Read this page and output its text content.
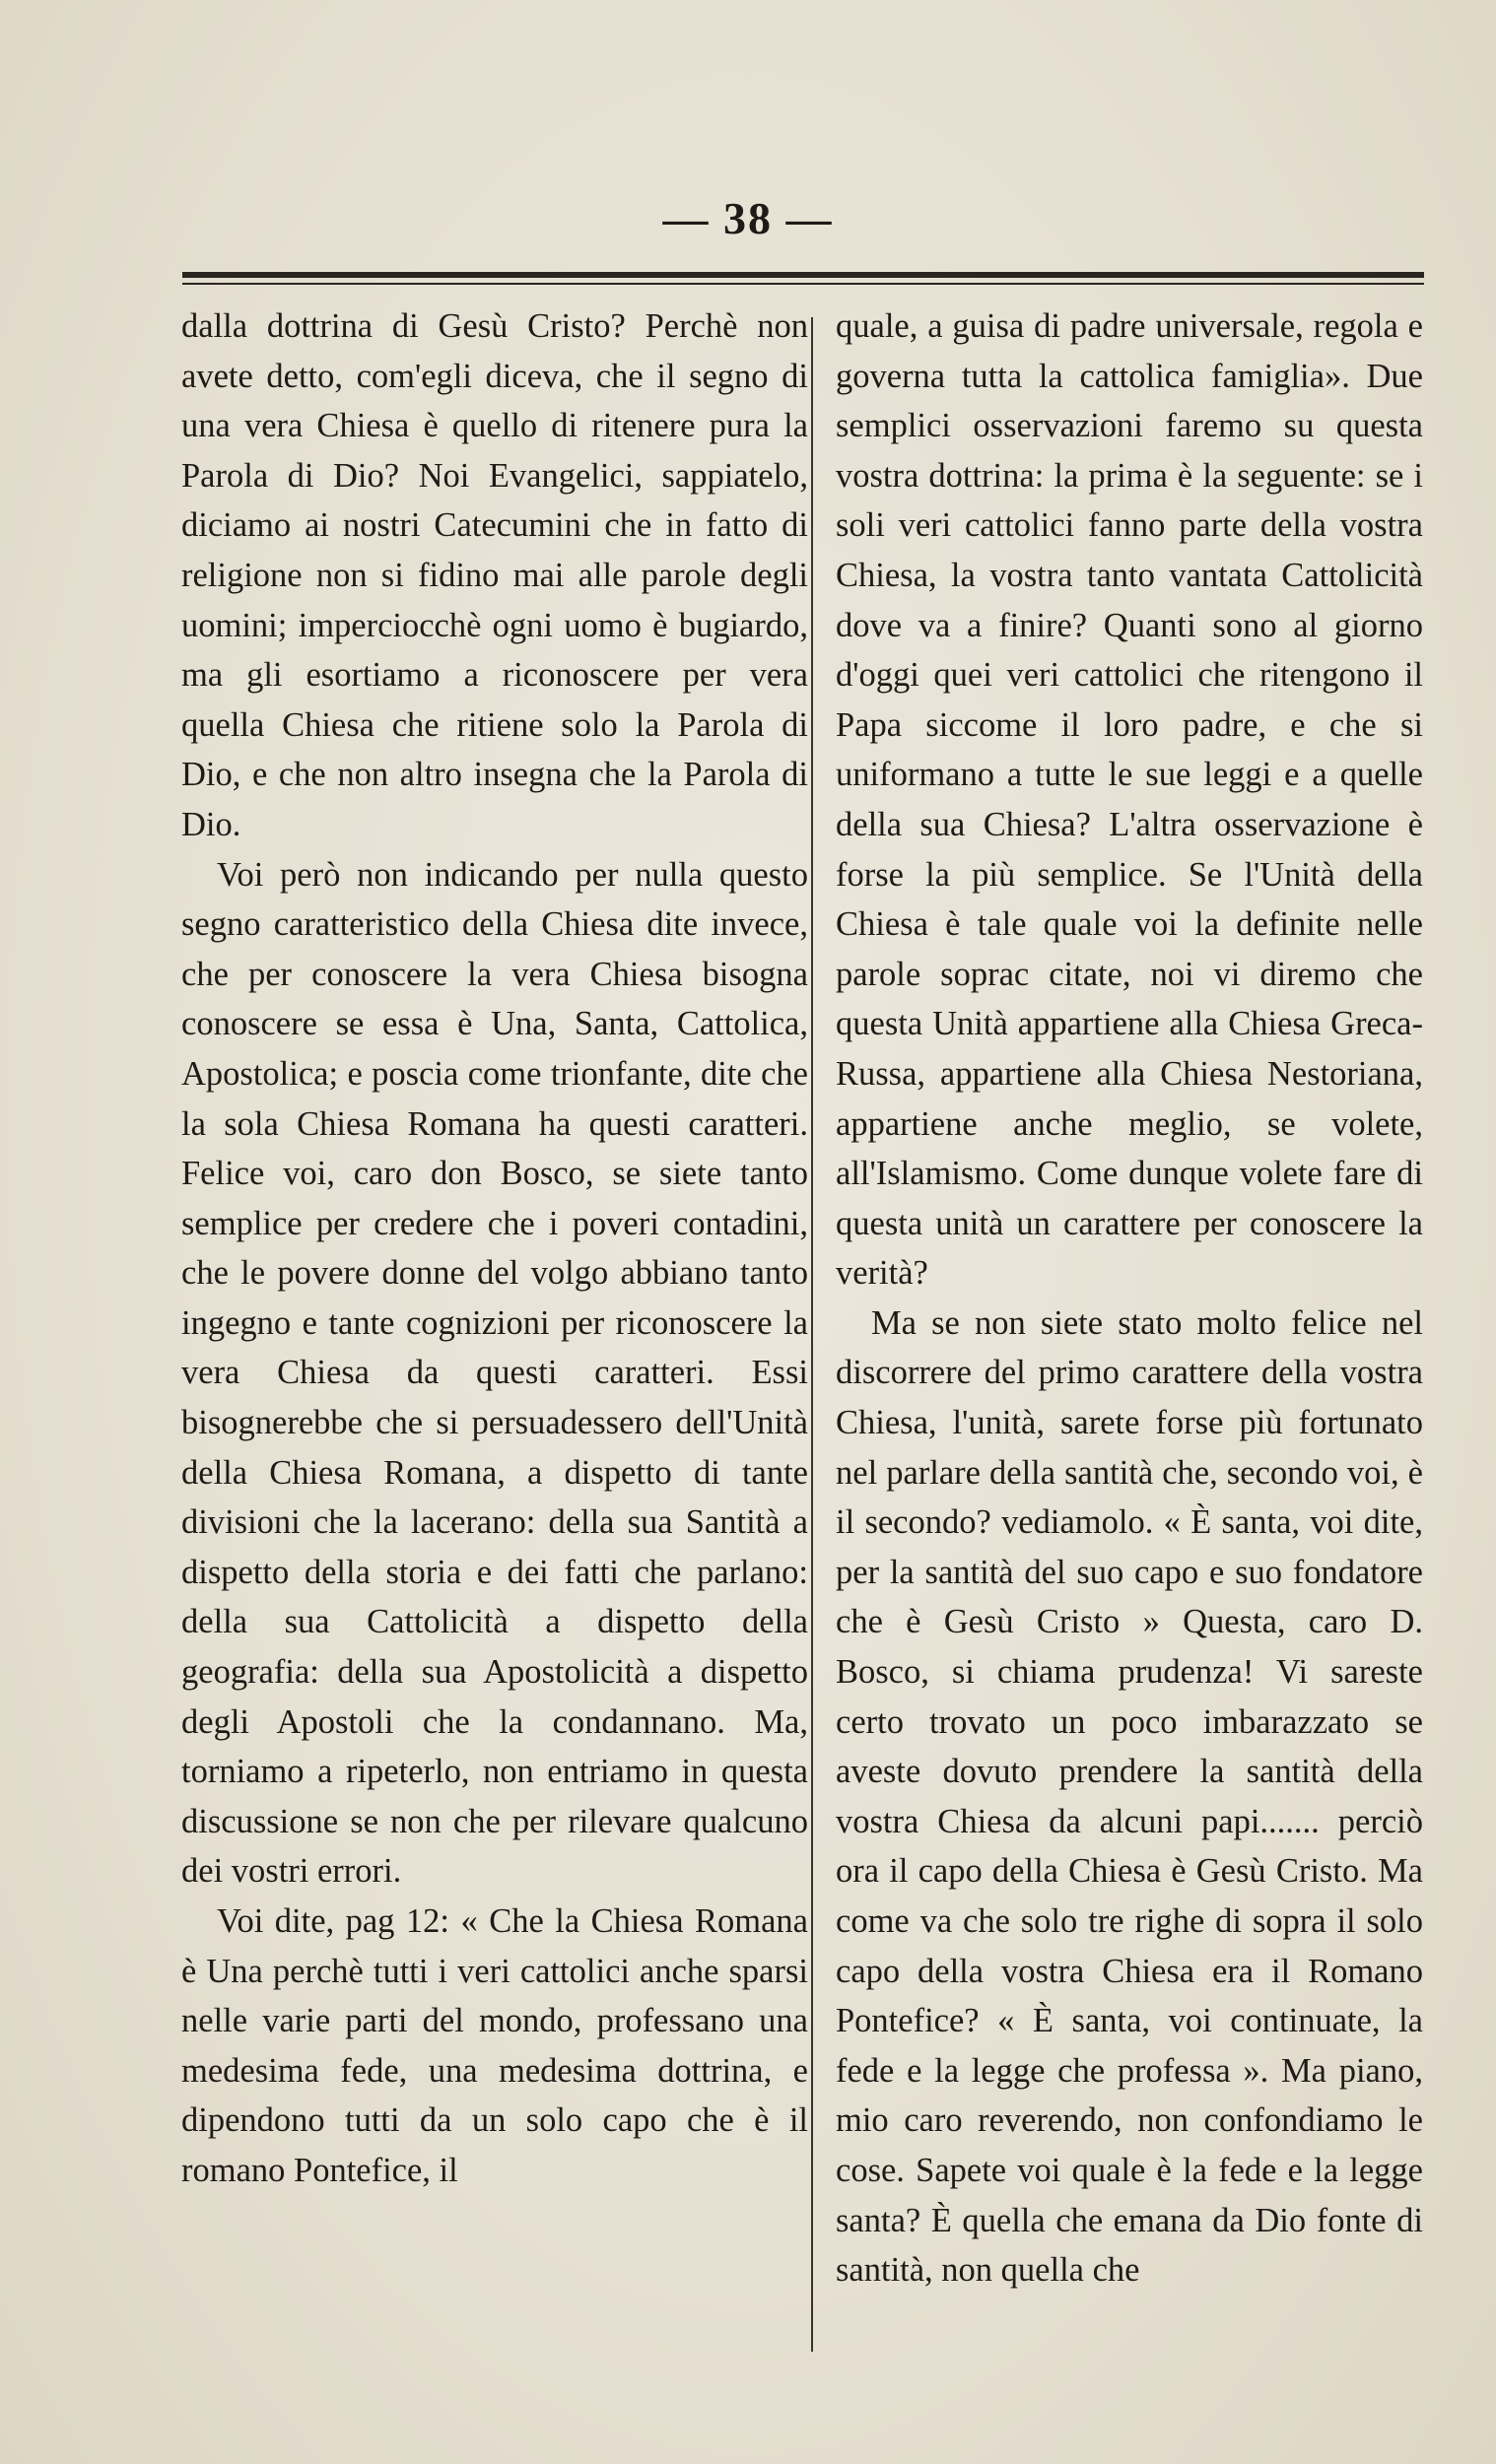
— 38 —

dalla dottrina di Gesù Cristo? Perchè non avete detto, com'egli diceva, che il segno di una vera Chiesa è quello di ritenere pura la Parola di Dio? Noi Evangelici, sappiatelo, diciamo ai nostri Catecumini che in fatto di religione non si fidino mai alle parole degli uomini; imperciocchè ogni uomo è bugiardo, ma gli esortiamo a riconoscere per vera quella Chiesa che ritiene solo la Parola di Dio, e che non altro insegna che la Parola di Dio.

Voi però non indicando per nulla questo segno caratteristico della Chiesa dite invece, che per conoscere la vera Chiesa bisogna conoscere se essa è Una, Santa, Cattolica, Apostolica; e poscia come trionfante, dite che la sola Chiesa Romana ha questi caratteri. Felice voi, caro don Bosco, se siete tanto semplice per credere che i poveri contadini, che le povere donne del volgo abbiano tanto ingegno e tante cognizioni per riconoscere la vera Chiesa da questi caratteri. Essi bisognerebbe che si persuadessero dell'Unità della Chiesa Romana, a dispetto di tante divisioni che la lacerano: della sua Santità a dispetto della storia e dei fatti che parlano: della sua Cattolicità a dispetto della geografia: della sua Apostolicità a dispetto degli Apostoli che la condannano. Ma, torniamo a ripeterlo, non entriamo in questa discussione se non che per rilevare qualcuno dei vostri errori.

Voi dite, pag 12: « Che la Chiesa Romana è Una perchè tutti i veri cattolici anche sparsi nelle varie parti del mondo, professano una medesima fede, una medesima dottrina, e dipendono tutti da un solo capo che è il romano Pontefice, il

quale, a guisa di padre universale, regola e governa tutta la cattolica famiglia». Due semplici osservazioni faremo su questa vostra dottrina: la prima è la seguente: se i soli veri cattolici fanno parte della vostra Chiesa, la vostra tanto vantata Cattolicità dove va a finire? Quanti sono al giorno d'oggi quei veri cattolici che ritengono il Papa siccome il loro padre, e che si uniformano a tutte le sue leggi e a quelle della sua Chiesa? L'altra osservazione è forse la più semplice. Se l'Unità della Chiesa è tale quale voi la definite nelle parole soprac citate, noi vi diremo che questa Unità appartiene alla Chiesa Greca-Russa, appartiene alla Chiesa Nestoriana, appartiene anche meglio, se volete, all'Islamismo. Come dunque volete fare di questa unità un carattere per conoscere la verità?

Ma se non siete stato molto felice nel discorrere del primo carattere della vostra Chiesa, l'unità, sarete forse più fortunato nel parlare della santità che, secondo voi, è il secondo? vediamolo. « È santa, voi dite, per la santità del suo capo e suo fondatore che è Gesù Cristo » Questa, caro D. Bosco, si chiama prudenza! Vi sareste certo trovato un poco imbarazzato se aveste dovuto prendere la santità della vostra Chiesa da alcuni papi....... perciò ora il capo della Chiesa è Gesù Cristo. Ma come va che solo tre righe di sopra il solo capo della vostra Chiesa era il Romano Pontefice? « È santa, voi continuate, la fede e la legge che professa ». Ma piano, mio caro reverendo, non confondiamo le cose. Sapete voi quale è la fede e la legge santa? È quella che emana da Dio fonte di santità, non quella che
